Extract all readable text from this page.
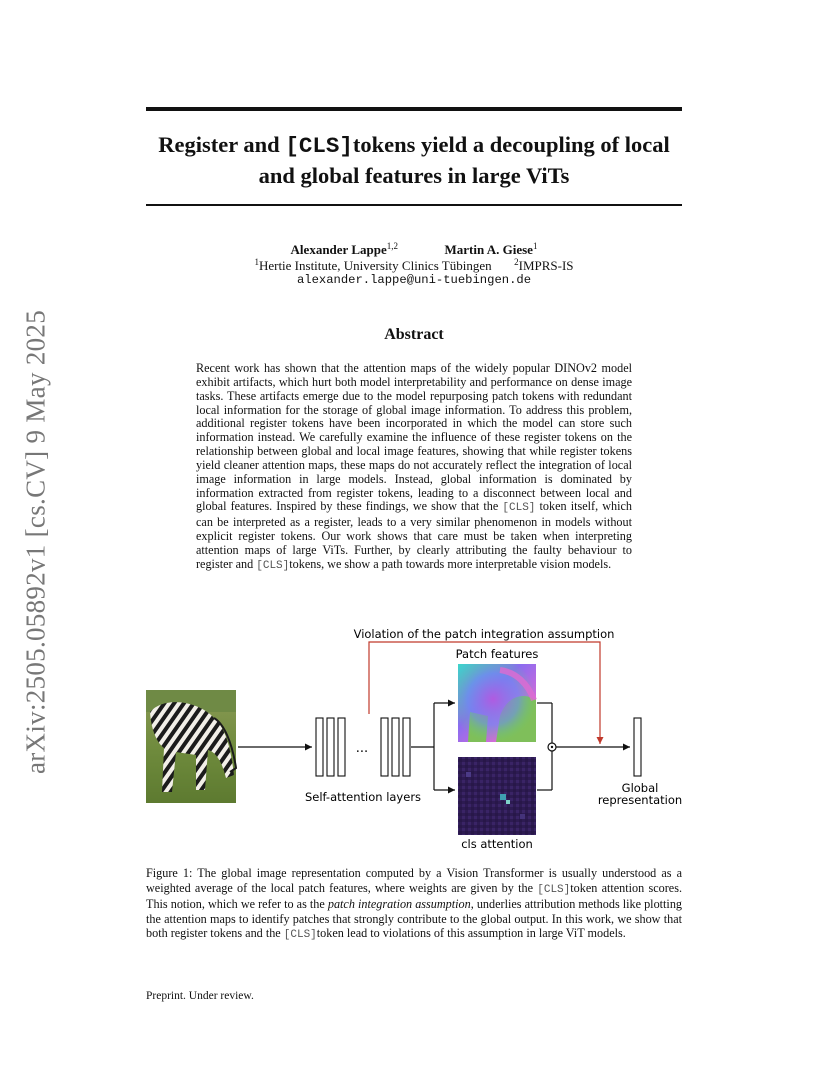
Register and [CLS]tokens yield a decoupling of local
and global features in large ViTs
Alexander Lappe$^{1,2}$	Martin A. Giese$^1$
$^1$Hertie Institute, University Clinics Tübingen	$^2$IMPRS-IS
alexander.lappe@uni-tuebingen.de
Abstract
Recent work has shown that the attention maps of the widely popular DINOv2 model exhibit artifacts, which hurt both model interpretability and performance on dense image tasks. These artifacts emerge due to the model repurposing patch tokens with redundant local information for the storage of global image information. To address this problem, additional register tokens have been incorporated in which the model can store such information instead. We carefully examine the influence of these register tokens on the relationship between global and local image features, showing that while register tokens yield cleaner attention maps, these maps do not accurately reflect the integration of local image information in large models. Instead, global information is dominated by information extracted from register tokens, leading to a disconnect between local and global features. Inspired by these findings, we show that the [CLS] token itself, which can be interpreted as a register, leads to a very similar phenomenon in models without explicit register tokens. Our work shows that care must be taken when interpreting attention maps of large ViTs. Further, by clearly attributing the faulty behaviour to register and [CLS]tokens, we show a path towards more interpretable vision models.
arXiv:2505.05892v1 [cs.CV] 9 May 2025	...
Self-attention layers
Violation of the patch integration assumption
Patch features
cls attention
Global
representation
Figure 1: The global image representation computed by a Vision Transformer is usually understood as a weighted average of the local patch features, where weights are given by the [CLS]token attention scores. This notion, which we refer to as the patch integration assumption, underlies attribution methods like plotting the attention maps to identify patches that strongly contribute to the global output. In this work, we show that both register tokens and the [CLS]token lead to violations of this assumption in large ViT models.
Preprint. Under review.
